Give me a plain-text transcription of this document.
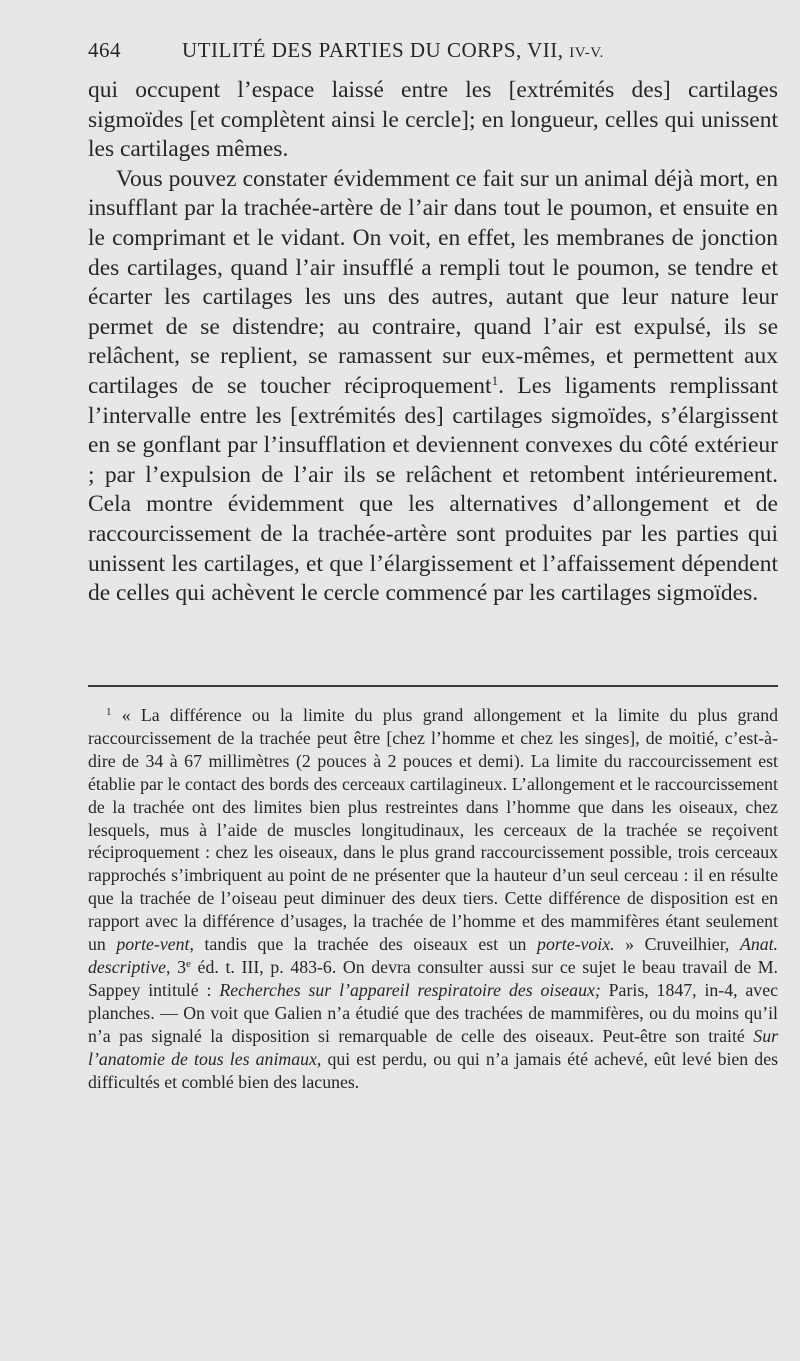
464	UTILITÉ DES PARTIES DU CORPS, VII, IV-V.

qui occupent l’espace laissé entre les [extrémités des] cartilages sigmoïdes [et complètent ainsi le cercle]; en longueur, celles qui unissent les cartilages mêmes.

Vous pouvez constater évidemment ce fait sur un animal déjà mort, en insufflant par la trachée-artère de l’air dans tout le poumon, et ensuite en le comprimant et le vidant. On voit, en effet, les membranes de jonction des cartilages, quand l’air insufflé a rempli tout le poumon, se tendre et écarter les cartilages les uns des autres, autant que leur nature leur permet de se distendre; au contraire, quand l’air est expulsé, ils se relâchent, se replient, se ramassent sur eux-mêmes, et permettent aux cartilages de se toucher réciproquement$^1$. Les ligaments remplissant l’intervalle entre les [extrémités des] cartilages sigmoïdes, s’élargissent en se gonflant par l’insufflation et deviennent convexes du côté extérieur ; par l’expulsion de l’air ils se relâchent et retombent intérieurement. Cela montre évidemment que les alternatives d’allongement et de raccourcissement de la trachée-artère sont produites par les parties qui unissent les cartilages, et que l’élargissement et l’affaissement dépendent de celles qui achèvent le cercle commencé par les cartilages sigmoïdes.

$^1$ « La différence ou la limite du plus grand allongement et la limite du plus grand raccourcissement de la trachée peut être [chez l’homme et chez les singes], de moitié, c’est-à-dire de 34 à 67 millimètres (2 pouces à 2 pouces et demi). La limite du raccourcissement est établie par le contact des bords des cerceaux cartilagineux. L’allongement et le raccourcissement de la trachée ont des limites bien plus restreintes dans l’homme que dans les oiseaux, chez lesquels, mus à l’aide de muscles longitudinaux, les cerceaux de la trachée se reçoivent réciproquement : chez les oiseaux, dans le plus grand raccourcissement possible, trois cerceaux rapprochés s’imbriquent au point de ne présenter que la hauteur d’un seul cerceau : il en résulte que la trachée de l’oiseau peut diminuer des deux tiers. Cette différence de disposition est en rapport avec la différence d’usages, la trachée de l’homme et des mammifères étant seulement un porte-vent, tandis que la trachée des oiseaux est un porte-voix. » Cruveilhier, Anat. descriptive, 3e éd. t. III, p. 483-6. On devra consulter aussi sur ce sujet le beau travail de M. Sappey intitulé : Recherches sur l’appareil respiratoire des oiseaux; Paris, 1847, in-4, avec planches. — On voit que Galien n’a étudié que des trachées de mammifères, ou du moins qu’il n’a pas signalé la disposition si remarquable de celle des oiseaux. Peut-être son traité Sur l’anatomie de tous les animaux, qui est perdu, ou qui n’a jamais été achevé, eût levé bien des difficultés et comblé bien des lacunes.
